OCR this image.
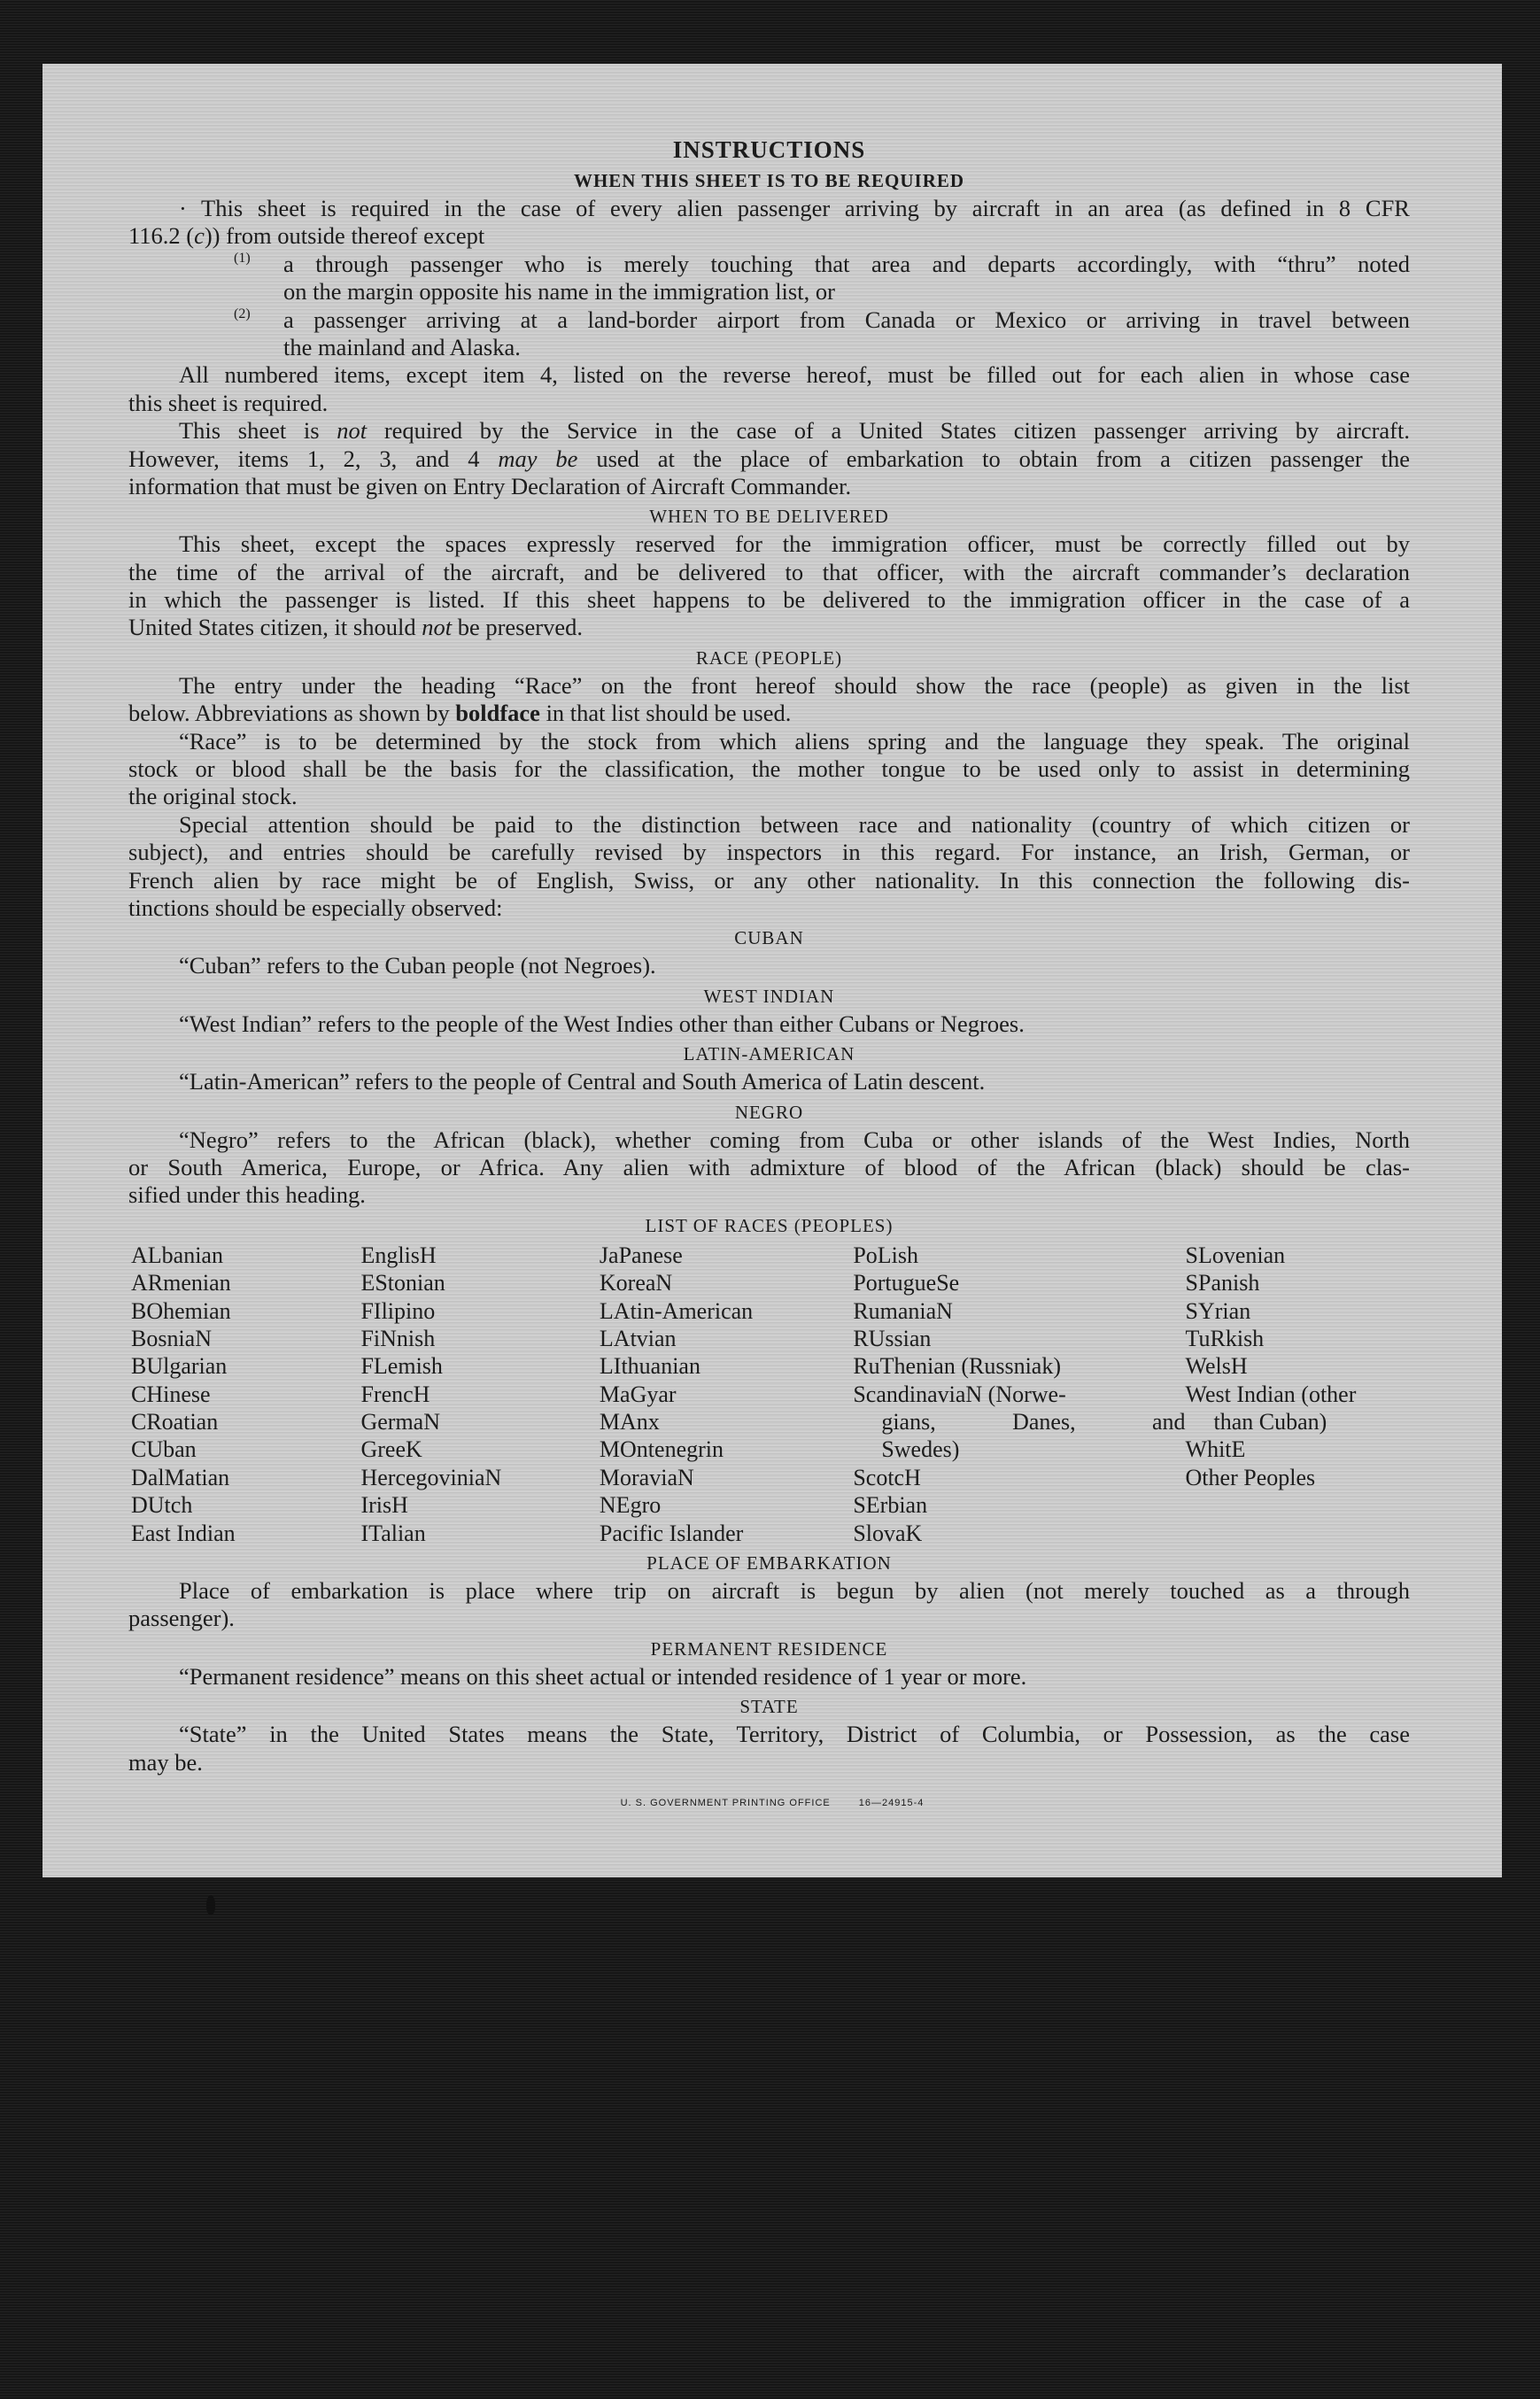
INSTRUCTIONS
WHEN THIS SHEET IS TO BE REQUIRED
· This sheet is required in the case of every alien passenger arriving by aircraft in an area (as defined in 8 CFR
116.2 (c)) from outside thereof except
(1) a through passenger who is merely touching that area and departs accordingly, with “thru” noted
on the margin opposite his name in the immigration list, or
(2) a passenger arriving at a land-border airport from Canada or Mexico or arriving in travel between
the mainland and Alaska.
All numbered items, except item 4, listed on the reverse hereof, must be filled out for each alien in whose case
this sheet is required.
This sheet is not required by the Service in the case of a United States citizen passenger arriving by aircraft.
However, items 1, 2, 3, and 4 may be used at the place of embarkation to obtain from a citizen passenger the
information that must be given on Entry Declaration of Aircraft Commander.
WHEN TO BE DELIVERED
This sheet, except the spaces expressly reserved for the immigration officer, must be correctly filled out by
the time of the arrival of the aircraft, and be delivered to that officer, with the aircraft commander’s declaration
in which the passenger is listed. If this sheet happens to be delivered to the immigration officer in the case of a
United States citizen, it should not be preserved.
RACE (PEOPLE)
The entry under the heading “Race” on the front hereof should show the race (people) as given in the list
below. Abbreviations as shown by boldface in that list should be used.
“Race” is to be determined by the stock from which aliens spring and the language they speak. The original
stock or blood shall be the basis for the classification, the mother tongue to be used only to assist in determining
the original stock.
Special attention should be paid to the distinction between race and nationality (country of which citizen or
subject), and entries should be carefully revised by inspectors in this regard. For instance, an Irish, German, or
French alien by race might be of English, Swiss, or any other nationality. In this connection the following dis-
tinctions should be especially observed:
CUBAN
“Cuban” refers to the Cuban people (not Negroes).
WEST INDIAN
“West Indian” refers to the people of the West Indies other than either Cubans or Negroes.
LATIN-AMERICAN
“Latin-American” refers to the people of Central and South America of Latin descent.
NEGRO
“Negro” refers to the African (black), whether coming from Cuba or other islands of the West Indies, North
or South America, Europe, or Africa. Any alien with admixture of blood of the African (black) should be clas-
sified under this heading.
LIST OF RACES (PEOPLES)
ALbanian
ARmenian
BOhemian
BosniaN
BUlgarian
CHinese
CRoatian
CUban
DalMatian
DUtch
East Indian
EnglisH
EStonian
FIlipino
FiNnish
FLemish
FrencH
GermaN
GreeK
HercegoviniaN
IrisH
ITalian
JaPanese
KoreaN
LAtin-American
LAtvian
LIthuanian
MaGyar
MAnx
MOntenegrin
MoraviaN
NEgro
Pacific Islander
PoLish
PortugueSe
RumaniaN
RUssian
RuThenian (Russniak)
ScandinaviaN (Norwe-
gians, Danes, and
Swedes)
ScotcH
SErbian
SlovaK
SLovenian
SPanish
SYrian
TuRkish
WelsH
West Indian (other
than Cuban)
WhitE
Other Peoples
PLACE OF EMBARKATION
Place of embarkation is place where trip on aircraft is begun by alien (not merely touched as a through
passenger).
PERMANENT RESIDENCE
“Permanent residence” means on this sheet actual or intended residence of 1 year or more.
STATE
“State” in the United States means the State, Territory, District of Columbia, or Possession, as the case
may be.
U. S. GOVERNMENT PRINTING OFFICE	16—24915-4
